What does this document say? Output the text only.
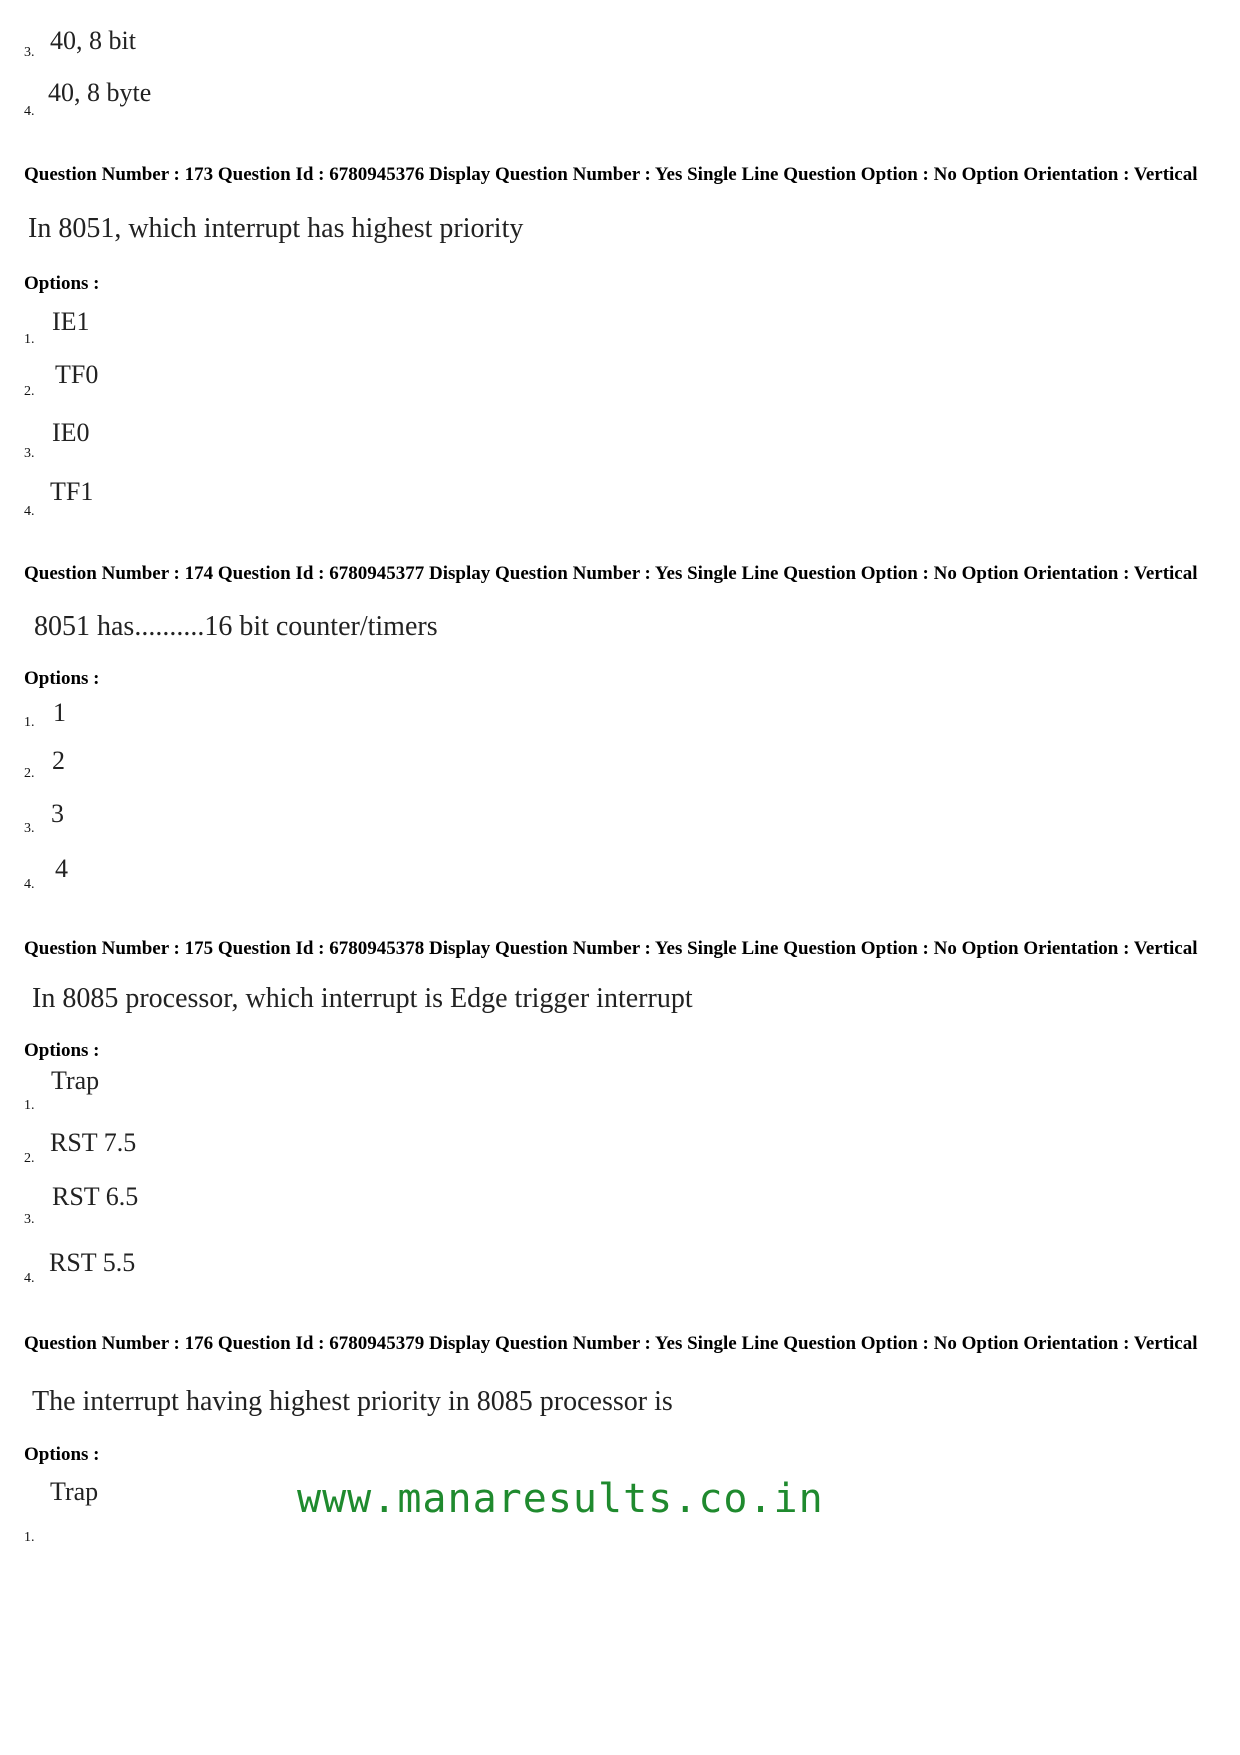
3. 40, 8 bit
4.
40, 8 byte
Question Number : 173 Question Id : 6780945376 Display Question Number : Yes Single Line Question Option : No Option Orientation : Vertical
In 8051, which interrupt has highest priority
Options :
1.
IE1
2.
TF0
3.
IE0
4.
TF1
Question Number : 174 Question Id : 6780945377 Display Question Number : Yes Single Line Question Option : No Option Orientation : Vertical
8051 has..........16 bit counter/timers
Options :
1. 1
2. 2
3.
3
4.
4
Question Number : 175 Question Id : 6780945378 Display Question Number : Yes Single Line Question Option : No Option Orientation : Vertical
In 8085 processor, which interrupt is Edge trigger interrupt
Options :
1.
Trap
2.
RST 7.5
3.
RST 6.5
4.
RST 5.5
Question Number : 176 Question Id : 6780945379 Display Question Number : Yes Single Line Question Option : No Option Orientation : Vertical
The interrupt having highest priority in 8085 processor is
Options :
1.
Trap	www.manaresults.co.in
